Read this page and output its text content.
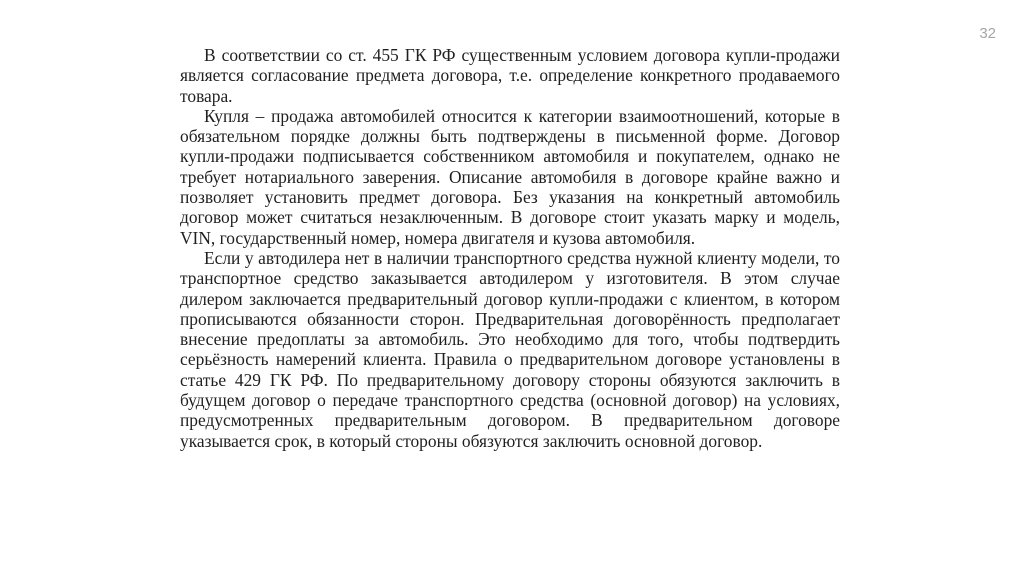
32

В соответствии со ст. 455 ГК РФ существенным условием договора купли-продажи является согласование предмета договора, т.е. определение конкретного продаваемого товара.

Купля – продажа автомобилей относится к категории взаимоотношений, которые в обязательном порядке должны быть подтверждены в письменной форме. Договор купли-продажи подписывается собственником автомобиля и покупателем, однако не требует нотариального заверения. Описание автомобиля в договоре крайне важно и позволяет установить предмет договора. Без указания на конкретный автомобиль договор может считаться незаключенным. В договоре стоит указать марку и модель, VIN, государственный номер, номера двигателя и кузова автомобиля.

Если у автодилера нет в наличии транспортного средства нужной клиенту модели, то транспортное средство заказывается автодилером у изготовителя. В этом случае дилером заключается предварительный договор купли-продажи с клиентом, в котором прописываются обязанности сторон. Предварительная договорённость предполагает внесение предоплаты за автомобиль. Это необходимо для того, чтобы подтвердить серьёзность намерений клиента. Правила о предварительном договоре установлены в статье 429 ГК РФ. По предварительному договору стороны обязуются заключить в будущем договор о передаче транспортного средства (основной договор) на условиях, предусмотренных предварительным договором. В предварительном договоре указывается срок, в который стороны обязуются заключить основной договор.
